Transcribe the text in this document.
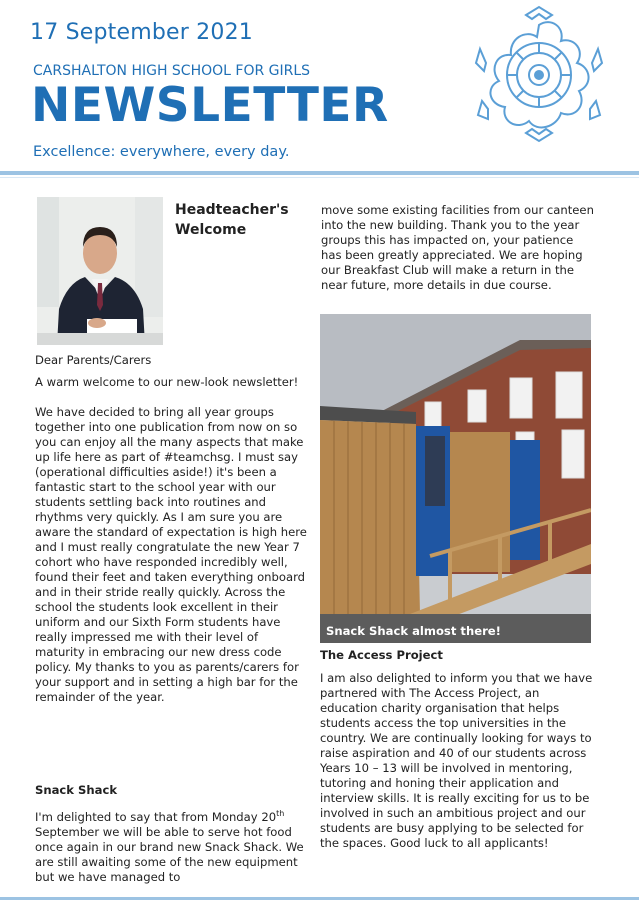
17 September 2021
CARSHALTON HIGH SCHOOL FOR GIRLS
NEWSLETTER
Excellence: everywhere, every day.
Headteacher's Welcome
Dear Parents/Carers

A warm welcome to our new-look newsletter!

We have decided to bring all year groups together into one publication from now on so you can enjoy all the many aspects that make up life here as part of #teamchsg. I must say (operational difficulties aside!) it's been a fantastic start to the school year with our students settling back into routines and rhythms very quickly. As I am sure you are aware the standard of expectation is high here and I must really congratulate the new Year 7 cohort who have responded incredibly well, found their feet and taken everything onboard and in their stride really quickly. Across the school the students look excellent in their uniform and our Sixth Form students have really impressed me with their level of maturity in embracing our new dress code policy. My thanks to you as parents/carers for your support and in setting a high bar for the remainder of the year.

Snack Shack
I'm delighted to say that from Monday 20th September we will be able to serve hot food once again in our brand new Snack Shack. We are still awaiting some of the new equipment but we have managed to
move some existing facilities from our canteen into the new building. Thank you to the year groups this has impacted on, your patience has been greatly appreciated. We are hoping our Breakfast Club will make a return in the near future, more details in due course.
Snack Shack almost there!
The Access Project
I am also delighted to inform you that we have partnered with The Access Project, an education charity organisation that helps students access the top universities in the country. We are continually looking for ways to raise aspiration and 40 of our students across Years 10 – 13 will be involved in mentoring, tutoring and honing their application and interview skills. It is really exciting for us to be involved in such an ambitious project and our students are busy applying to be selected for the spaces. Good luck to all applicants!
